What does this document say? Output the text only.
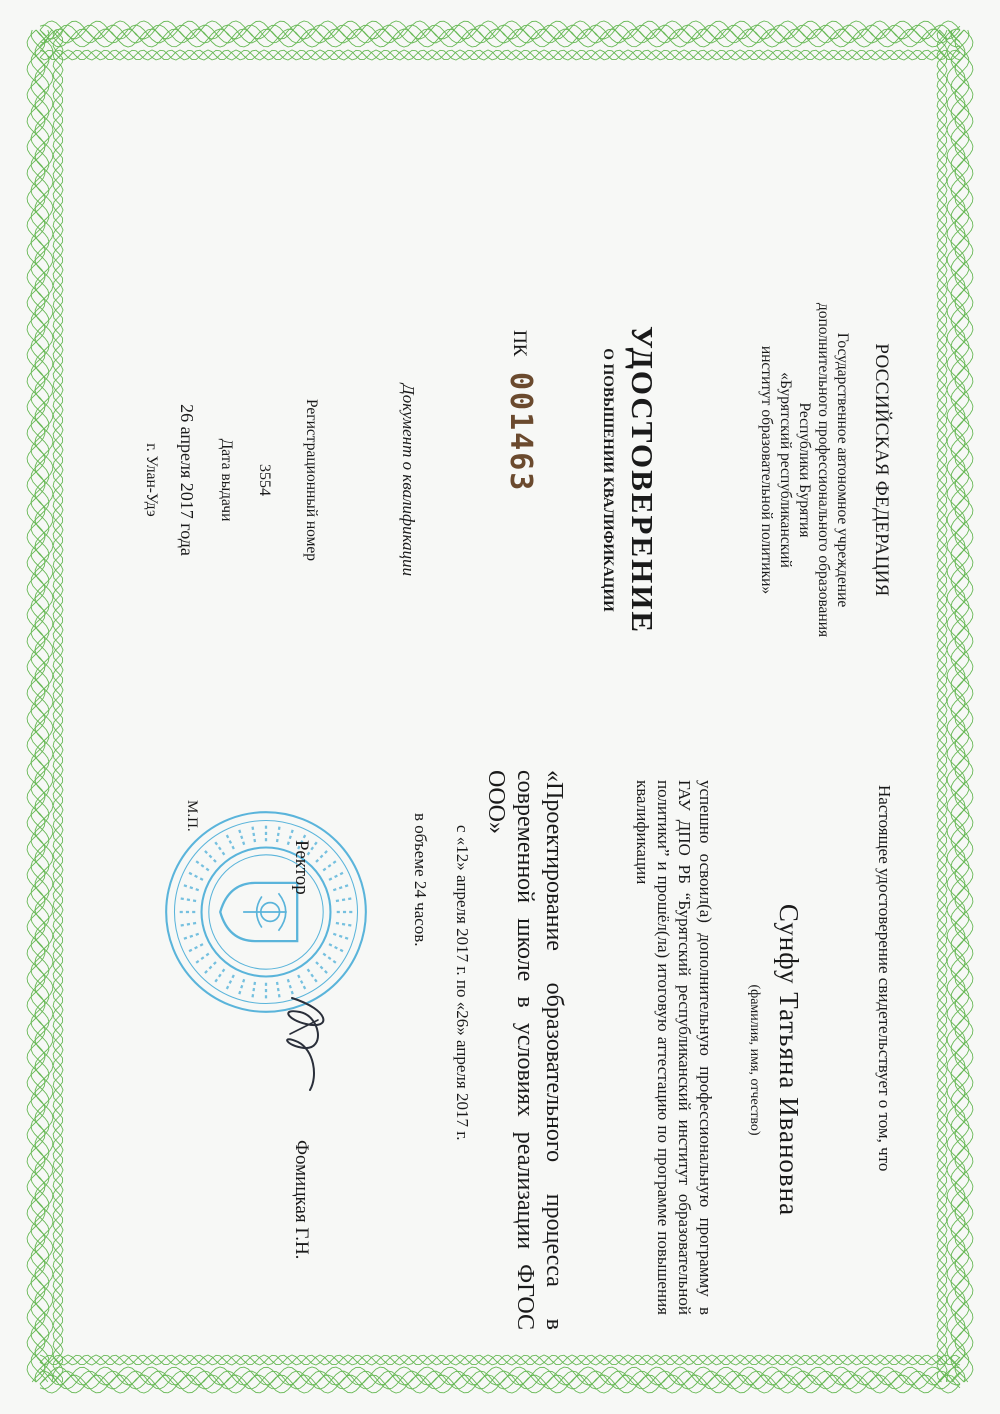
РОССИЙСКАЯ ФЕДЕРАЦИЯ
Государственное автономное учреждение
дополнительного профессионального образования
Республики Бурятия
«Бурятский республиканский
институт образовательной политики»
УДОСТОВЕРЕНИЕ
О ПОВЫШЕНИИ КВАЛИФИКАЦИИ
ПК
001463
Документ о квалификации
Регистрационный номер
3554
Дата выдачи
26 апреля 2017 года
г. Улан-Удэ
Настоящее удостоверение свидетельствует о том, что
Сунфу Татьяна Ивановна
(фамилия, имя, отчество)
успешно освоил(а) дополнительную профессиональную программу в ГАУ ДПО РБ “Бурятский республиканский институт образовательной политики” и прошёл(ла) итоговую аттестацию по программе повышения квалификации
«Проектирование образовательного процесса в современной школе в условиях реализации ФГОС ООО»
с «12» апреля 2017 г. по «26» апреля 2017 г.
в объеме 24 часов.
Ректор
Фомицкая Г.Н.
М.П.
